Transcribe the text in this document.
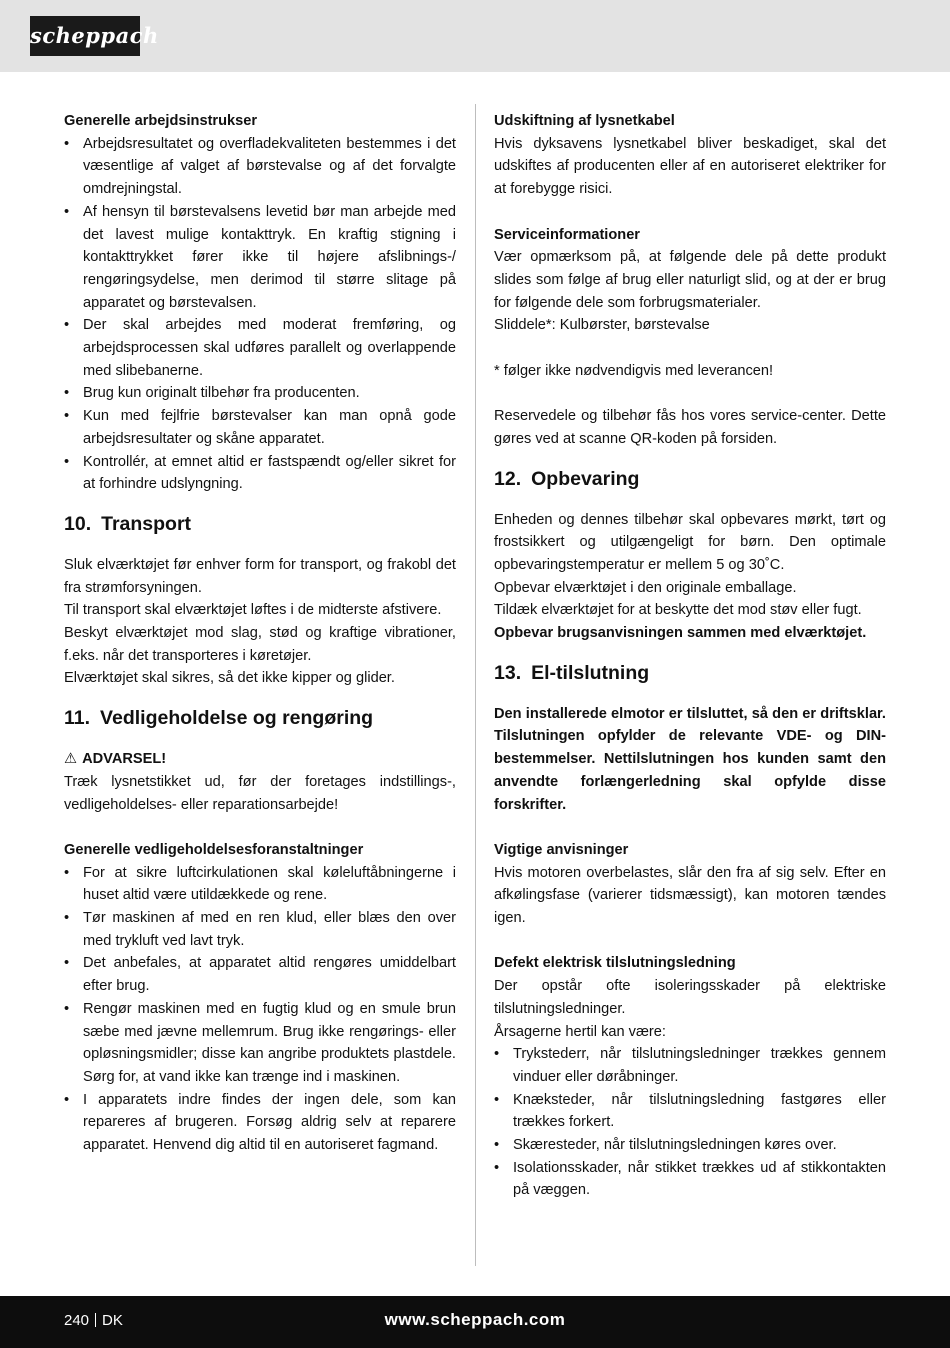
scheppach

Generelle arbejdsinstrukser

• Arbejdsresultatet og overfladekvaliteten bestemmes i det væsentlige af valget af børstevalse og af det forvalgte omdrejningstal.
• Af hensyn til børstevalsens levetid bør man arbejde med det lavest mulige kontakttryk. En kraftig stigning i kontakttrykket fører ikke til højere afslibnings-/ rengøringsydelse, men derimod til større slitage på apparatet og børstevalsen.
• Der skal arbejdes med moderat fremføring, og arbejdsprocessen skal udføres parallelt og overlappende med slibebanerne.
• Brug kun originalt tilbehør fra producenten.
• Kun med fejlfrie børstevalser kan man opnå gode arbejdsresultater og skåne apparatet.
• Kontrollér, at emnet altid er fastspændt og/eller sikret for at forhindre udslyngning.
10. Transport

Sluk elværktøjet før enhver form for transport, og frakobl det fra strømforsyningen.

Til transport skal elværktøjet løftes i de midterste afstivere.

Beskyt elværktøjet mod slag, stød og kraftige vibrationer, f.eks. når det transporteres i køretøjer.

Elværktøjet skal sikres, så det ikke kipper og glider.

11. Vedligeholdelse og rengøring

⚠ ADVARSEL!

Træk lysnetstikket ud, før der foretages indstillings-, vedligeholdelses- eller reparationsarbejde!

Generelle vedligeholdelsesforanstaltninger

• For at sikre luftcirkulationen skal køleluftåbningerne i huset altid være utildækkede og rene.
• Tør maskinen af med en ren klud, eller blæs den over med trykluft ved lavt tryk.
• Det anbefales, at apparatet altid rengøres umiddelbart efter brug.
• Rengør maskinen med en fugtig klud og en smule brun sæbe med jævne mellemrum. Brug ikke rengørings- eller opløsningsmidler; disse kan angribe produktets plastdele. Sørg for, at vand ikke kan trænge ind i maskinen.
• I apparatets indre findes der ingen dele, som kan repareres af brugeren. Forsøg aldrig selv at reparere apparatet. Henvend dig altid til en autoriseret fagmand.

Udskiftning af lysnetkabel

Hvis dyksavens lysnetkabel bliver beskadiget, skal det udskiftes af producenten eller af en autoriseret elektriker for at forebygge risici.

Serviceinformationer

Vær opmærksom på, at følgende dele på dette produkt slides som følge af brug eller naturligt slid, og at der er brug for følgende dele som forbrugsmaterialer.

Sliddele*: Kulbørster, børstevalse

* følger ikke nødvendigvis med leverancen!

Reservedele og tilbehør fås hos vores service-center. Dette gøres ved at scanne QR-koden på forsiden.

12. Opbevaring

Enheden og dennes tilbehør skal opbevares mørkt, tørt og frostsikkert og utilgængeligt for børn. Den optimale opbevaringstemperatur er mellem 5 og 30˚C.

Opbevar elværktøjet i den originale emballage.

Tildæk elværktøjet for at beskytte det mod støv eller fugt.

Opbevar brugsanvisningen sammen med elværktøjet.

13. El-tilslutning

Den installerede elmotor er tilsluttet, så den er driftsklar. Tilslutningen opfylder de relevante VDE- og DIN-bestemmelser. Nettilslutningen hos kunden samt den anvendte forlængerledning skal opfylde disse forskrifter.

Vigtige anvisninger

Hvis motoren overbelastes, slår den fra af sig selv. Efter en afkølingsfase (varierer tidsmæssigt), kan motoren tændes igen.

Defekt elektrisk tilslutningsledning

Der opstår ofte isoleringsskader på elektriske tilslutningsledninger.

Årsagerne hertil kan være:

• Trykstederr, når tilslutningsledninger trækkes gennem vinduer eller døråbninger.
• Knæksteder, når tilslutningsledning fastgøres eller trækkes forkert.
• Skæresteder, når tilslutningsledningen køres over.
• Isolationsskader, når stikket trækkes ud af stikkontakten på væggen.
240 DK	www.scheppach.com
